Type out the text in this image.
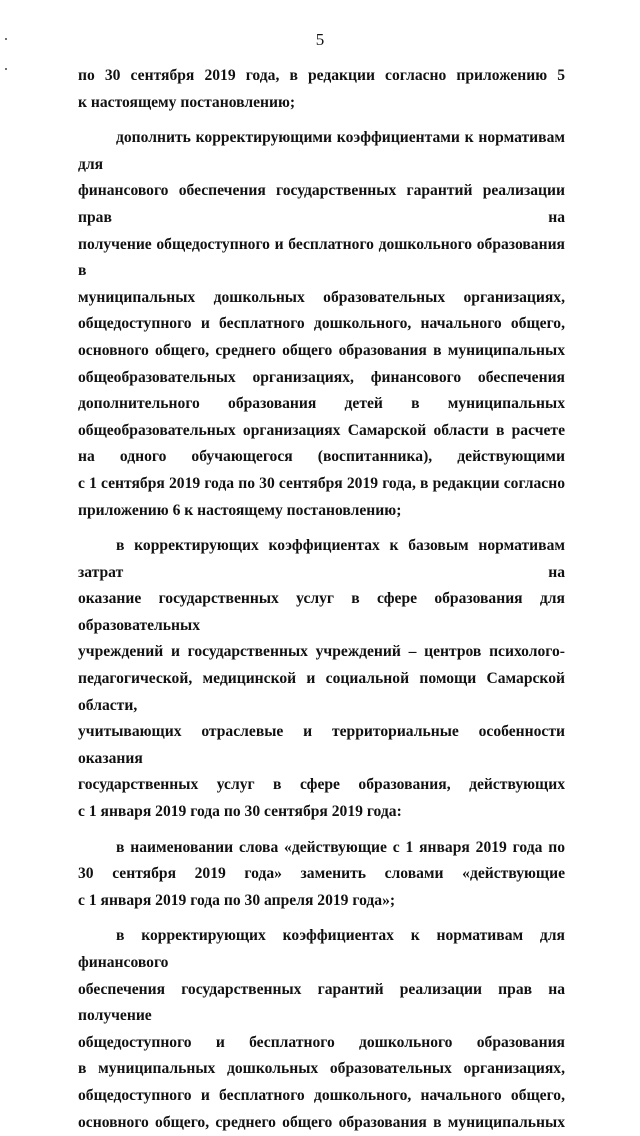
5

по 30 сентября 2019 года, в редакции согласно приложению 5
к настоящему постановлению;

дополнить корректирующими коэффициентами к нормативам для
финансового обеспечения государственных гарантий реализации прав на
получение общедоступного и бесплатного дошкольного образования в
муниципальных дошкольных образовательных организациях,
общедоступного и бесплатного дошкольного, начального общего,
основного общего, среднего общего образования в муниципальных
общеобразовательных организациях, финансового обеспечения
дополнительного образования детей в муниципальных
общеобразовательных организациях Самарской области в расчете
на одного обучающегося (воспитанника), действующими
с 1 сентября 2019 года по 30 сентября 2019 года, в редакции согласно
приложению 6 к настоящему постановлению;

в корректирующих коэффициентах к базовым нормативам затрат на
оказание государственных услуг в сфере образования для образовательных
учреждений и государственных учреждений – центров психолого-
педагогической, медицинской и социальной помощи Самарской области,
учитывающих отраслевые и территориальные особенности оказания
государственных услуг в сфере образования, действующих
с 1 января 2019 года по 30 сентября 2019 года:

в наименовании слова «действующие с 1 января 2019 года по
30 сентября 2019 года» заменить словами «действующие
с 1 января 2019 года по 30 апреля 2019 года»;

в корректирующих коэффициентах к нормативам для финансового
обеспечения государственных гарантий реализации прав на получение
общедоступного и бесплатного дошкольного образования
в муниципальных дошкольных образовательных организациях,
общедоступного и бесплатного дошкольного, начального общего,
основного общего, среднего общего образования в муниципальных
